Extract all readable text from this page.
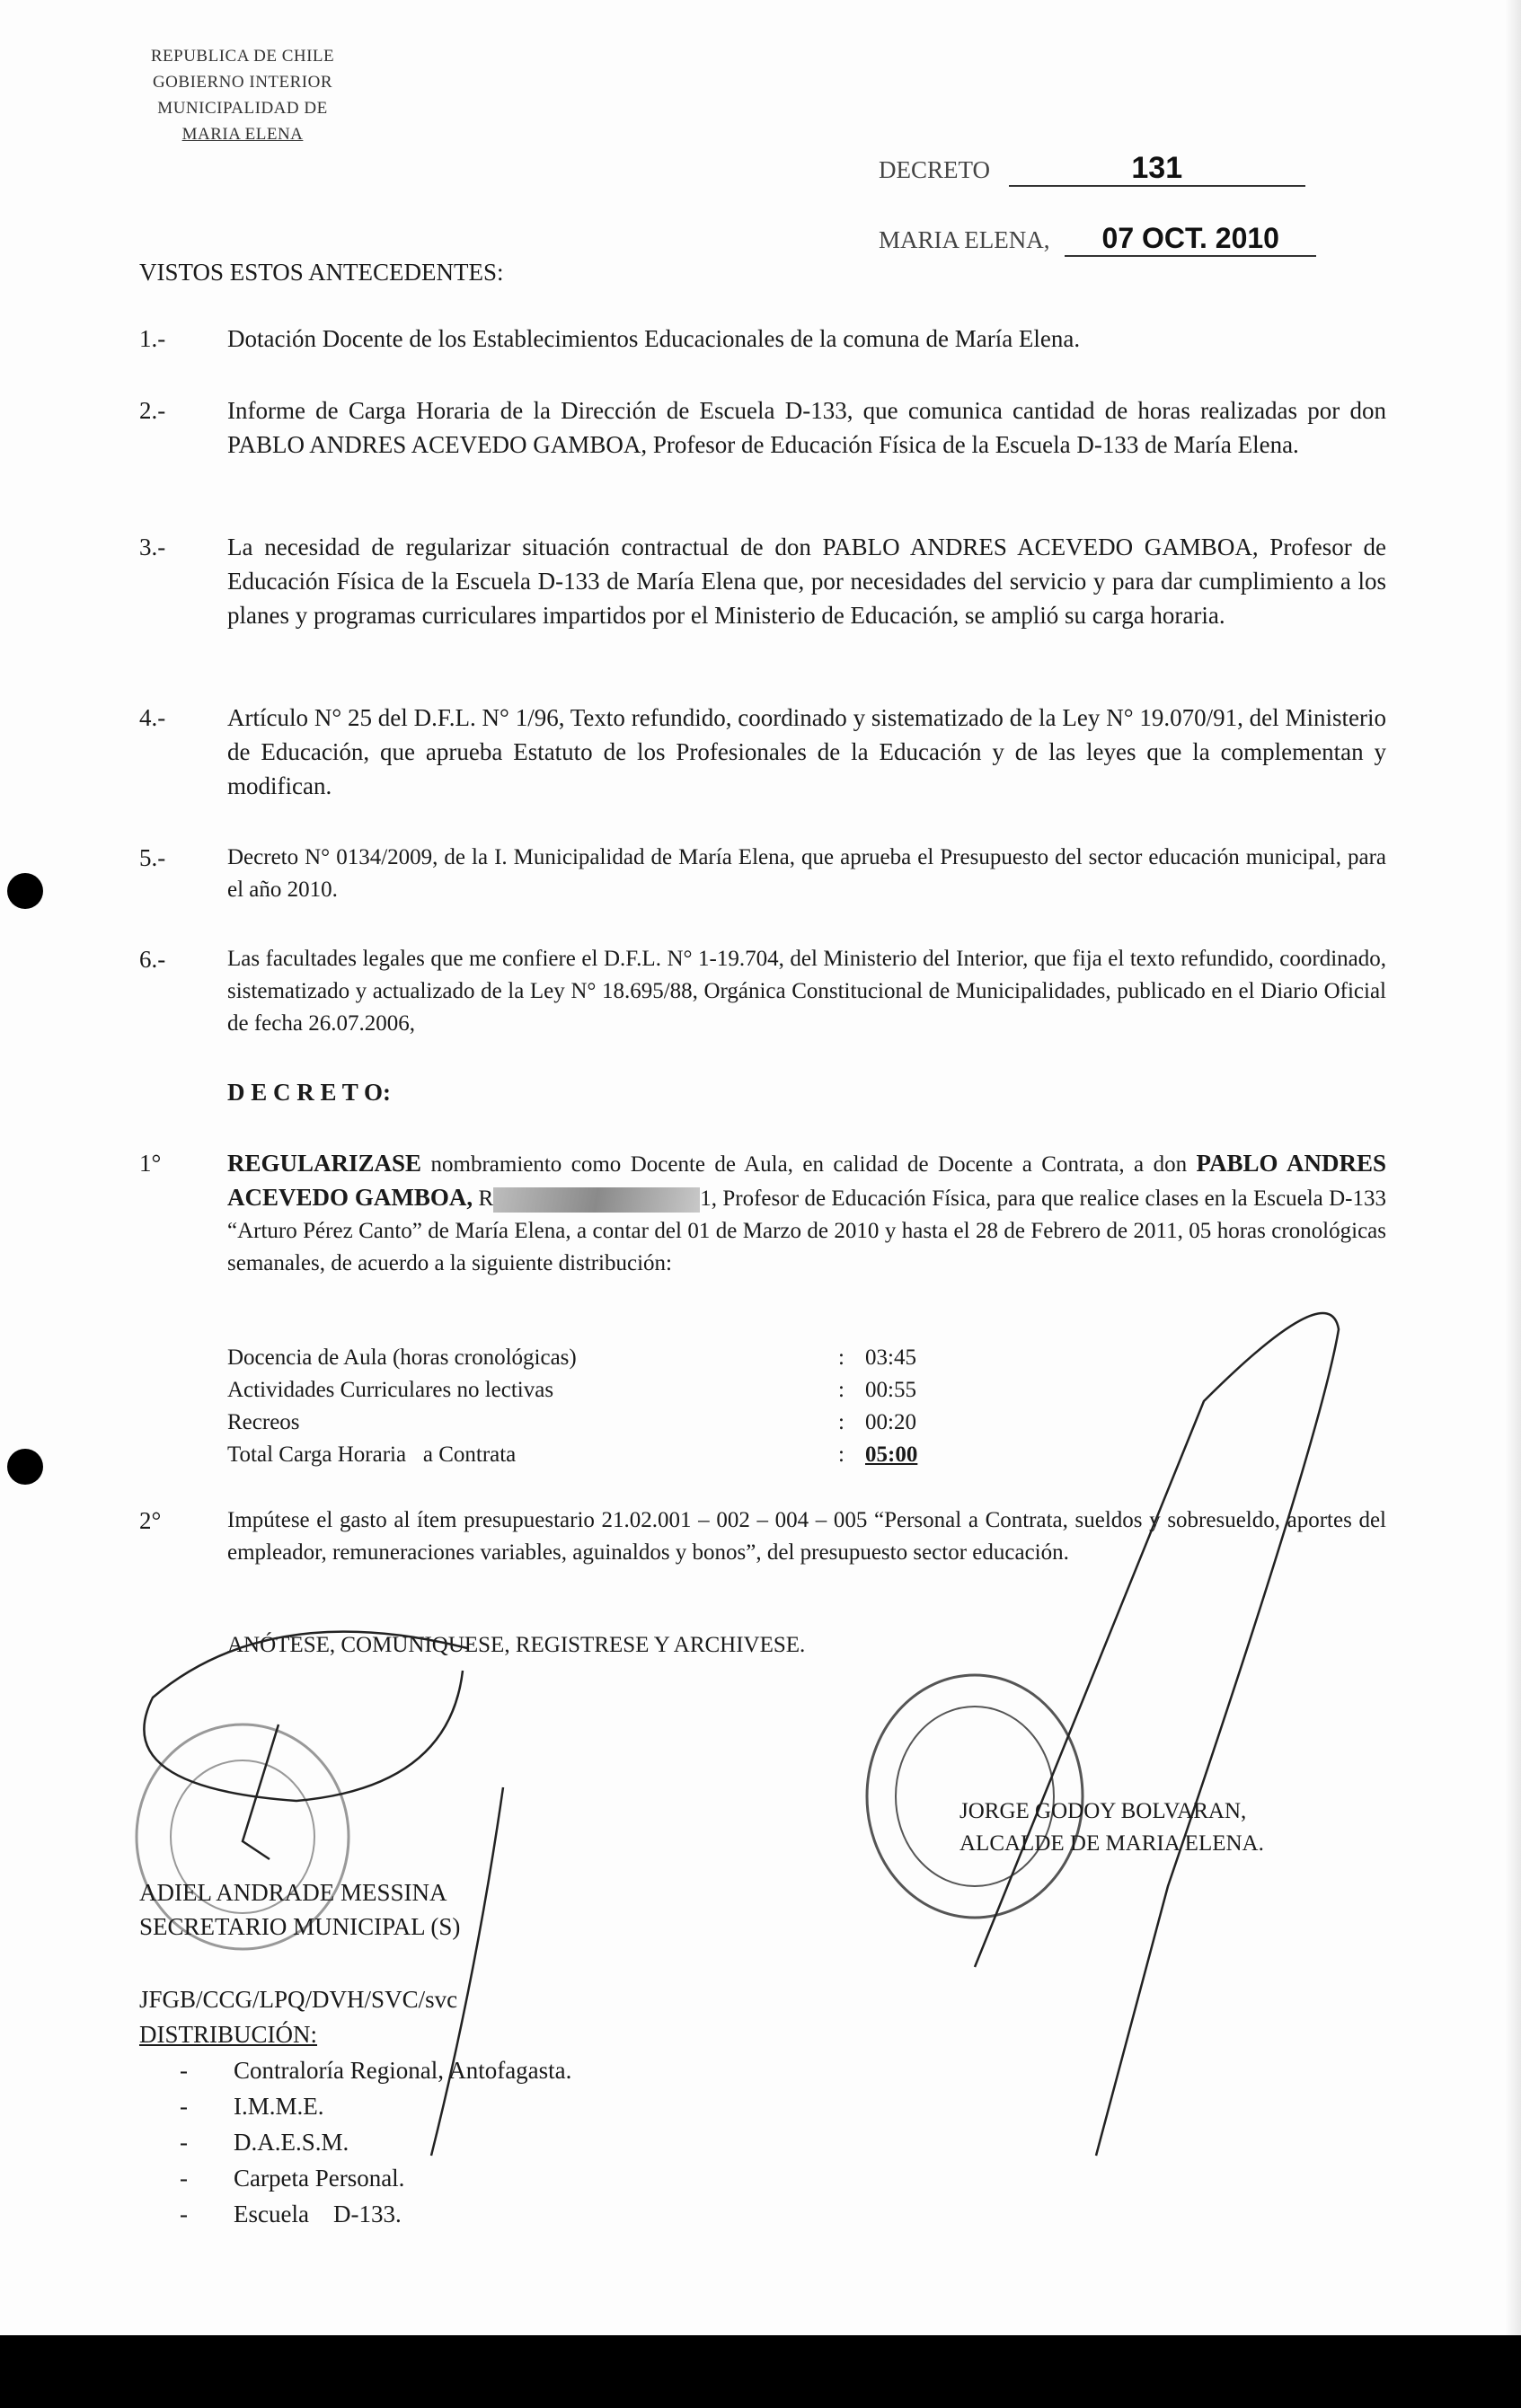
REPUBLICA DE CHILE
GOBIERNO INTERIOR
MUNICIPALIDAD DE
MARIA ELENA
DECRETO	131
MARIA ELENA, 07 OCT. 2010
VISTOS ESTOS ANTECEDENTES:
1.-	Dotación Docente de los Establecimientos Educacionales de la comuna de María Elena.
2.-	Informe de Carga Horaria de la Dirección de Escuela D-133, que comunica cantidad de horas realizadas por don PABLO ANDRES ACEVEDO GAMBOA, Profesor de Educación Física de la Escuela D-133 de María Elena.
3.-	La necesidad de regularizar situación contractual de don PABLO ANDRES ACEVEDO GAMBOA, Profesor de Educación Física de la Escuela D-133 de María Elena que, por necesidades del servicio y para dar cumplimiento a los planes y programas curriculares impartidos por el Ministerio de Educación, se amplió su carga horaria.
4.-	Artículo N° 25 del D.F.L. N° 1/96, Texto refundido, coordinado y sistematizado de la Ley N° 19.070/91, del Ministerio de Educación, que aprueba Estatuto de los Profesionales de la Educación y de las leyes que la complementan y modifican.
5.-	Decreto N° 0134/2009, de la I. Municipalidad de María Elena, que aprueba el Presupuesto del sector educación municipal, para el año 2010.
6.-	Las facultades legales que me confiere el D.F.L. N° 1-19.704, del Ministerio del Interior, que fija el texto refundido, coordinado, sistematizado y actualizado de la Ley N° 18.695/88, Orgánica Constitucional de Municipalidades, publicado en el Diario Oficial de fecha 26.07.2006,
D E C R E T O:
1°	REGULARIZASE nombramiento como Docente de Aula, en calidad de Docente a Contrata, a don PABLO ANDRES ACEVEDO GAMBOA, R	1, Profesor de Educación Física, para que realice clases en la Escuela D-133 “Arturo Pérez Canto” de María Elena, a contar del 01 de Marzo de 2010 y hasta el 28 de Febrero de 2011, 05 horas cronológicas semanales, de acuerdo a la siguiente distribución:
Docencia de Aula (horas cronológicas)	: 03:45
Actividades Curriculares no lectivas	: 00:55
Recreos	: 00:20
Total Carga Horaria   a Contrata	: 05:00
2°	Impútese el gasto al ítem presupuestario 21.02.001 – 002 – 004 – 005 “Personal a Contrata, sueldos y sobresueldo, aportes del empleador, remuneraciones variables, aguinaldos y bonos”, del presupuesto sector educación.
ANÓTESE, COMUNIQUESE, REGISTRESE Y ARCHIVESE.
JORGE GODOY BOLVARAN,
ALCALDE DE MARIA ELENA.
ADIEL ANDRADE MESSINA
SECRETARIO MUNICIPAL (S)
JFGB/CCG/LPQ/DVH/SVC/svc
DISTRIBUCIÓN:
- Contraloría Regional, Antofagasta.
- I.M.M.E.
- D.A.E.S.M.
- Carpeta Personal.
- Escuela    D-133.
